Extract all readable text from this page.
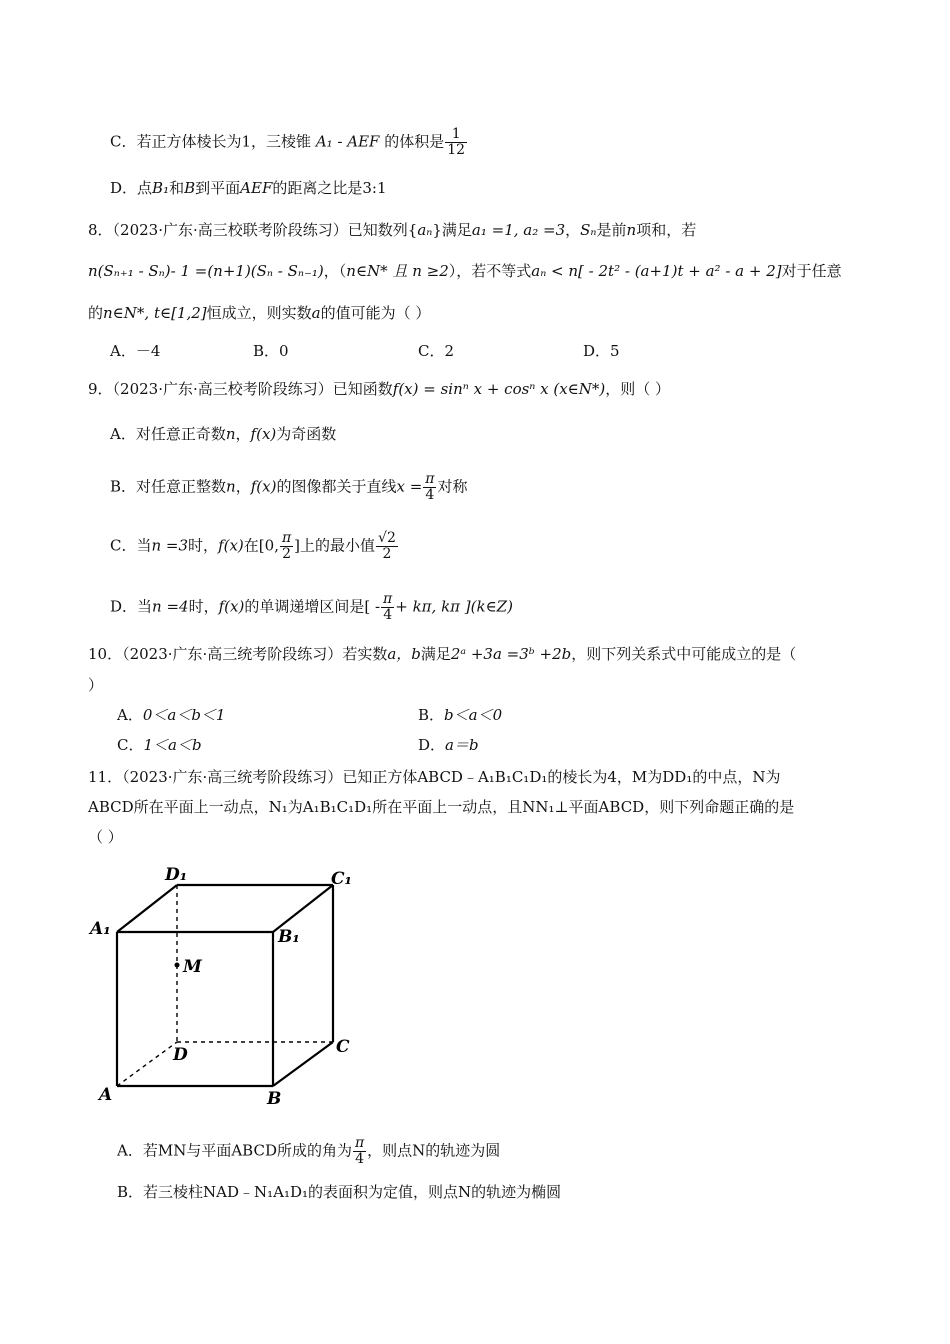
C．若正方体棱长为1，三棱锥 A₁ - AEF 的体积是 $\frac{1}{12}$
D．点B₁和B到平面AEF的距离之比是3:1
8．（2023·广东·高三校联考阶段练习）已知数列{aₙ}满足a₁ =1, a₂ =3，Sₙ是前n项和，若
n(Sₙ₊₁ - Sₙ)- 1 =(n+1)(Sₙ - Sₙ₋₁)，（n∈N* 且 n ≥2），若不等式aₙ < n[ - 2t² - (a+1)t + a² - a + 2]对于任意
的n∈N*, t∈[1,2]恒成立，则实数a的值可能为（ ）
A．－4	B．0	C．2	D．5
9．（2023·广东·高三校考阶段练习）已知函数f(x) = sinⁿ x + cosⁿ x (x∈N*)，则（ ）
A．对任意正奇数n，f(x)为奇函数
B．对任意正整数n，f(x)的图像都关于直线$x = \frac{\pi}{4}$ 对称
C．当n =3时，f(x)在[0, $\frac{\pi}{2}$ ]上的最小值 $\frac{√2}{2}$
D．当n =4时，f(x)的单调递增区间是[ - $\frac{\pi}{4} + k\pi$, kπ ](k∈Z)
10．（2023·广东·高三统考阶段练习）若实数a，b满足2ᵃ +3a =3ᵇ +2b，则下列关系式中可能成立的是（
）
A．0＜a＜b＜1	B．b＜a＜0
C．1＜a＜b	D．a＝b
11．（2023·广东·高三统考阶段练习）已知正方体ABCD﹣A₁B₁C₁D₁的棱长为4，M为DD₁的中点，N为
ABCD所在平面上一动点，N₁为A₁B₁C₁D₁所在平面上一动点，且NN₁⊥平面ABCD，则下列命题正确的是
（ ）
D₁	C₁
A₁	B₁
M
D	C
A	B
A．若MN与平面ABCD所成的角为 $\frac{\pi}{4}$ ，则点N的轨迹为圆
B．若三棱柱NAD﹣N₁A₁D₁的表面积为定值，则点N的轨迹为椭圆
